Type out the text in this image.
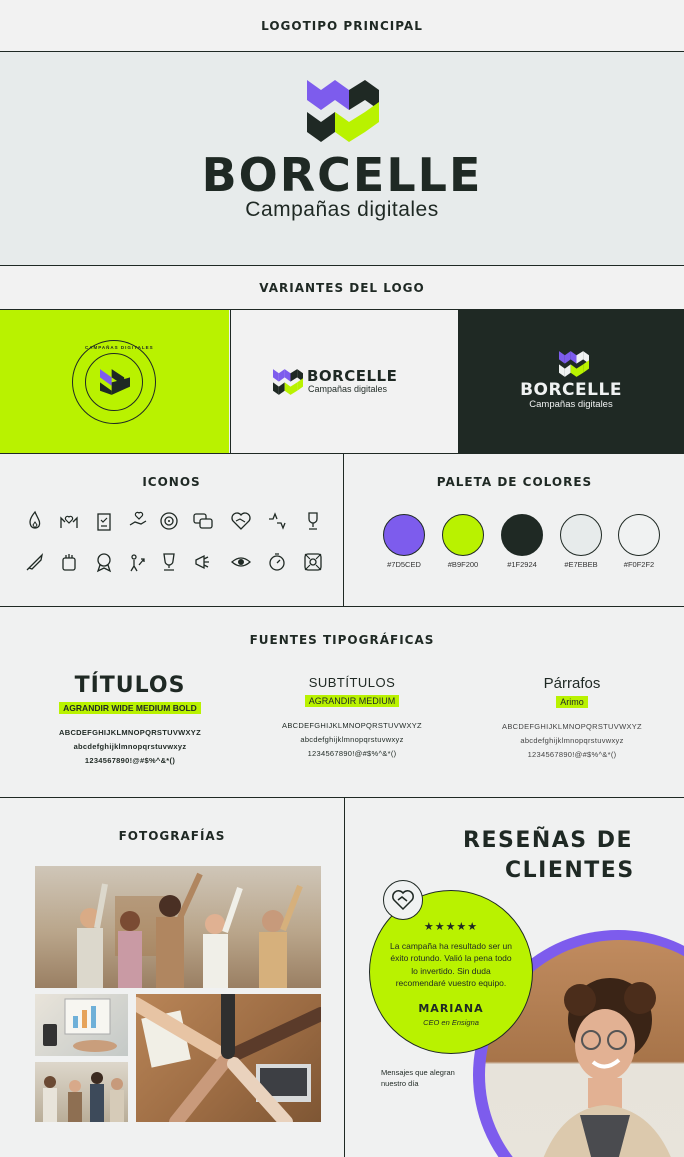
LOGOTIPO PRINCIPAL
BORCELLE
Campañas digitales
VARIANTES DEL LOGO
CAMPAÑAS DIGITALES
BORCELLE
Campañas digitales	BORCELLE
Campañas digitales
ICONOS	PALETA DE COLORES
#7D5CED	#B9F200	#1F2924	#E7EBEB	#F0F2F2
FUENTES TIPOGRÁFICAS
TÍTULOS
AGRANDIR WIDE MEDIUM BOLD
ABCDEFGHIJKLMNOPQRSTUVWXYZ
abcdefghijklmnopqrstuvwxyz
1234567890!@#$%^&*()
SUBTÍTULOS
AGRANDIR MEDIUM
ABCDEFGHIJKLMNOPQRSTUVWXYZ
abcdefghijklmnopqrstuvwxyz
1234567890!@#$%^&*()
Párrafos
Arimo
ABCDEFGHIJKLMNOPQRSTUVWXYZ
abcdefghijklmnopqrstuvwxyz
1234567890!@#$%^&*()
FOTOGRAFÍAS	RESEÑAS DE
CLIENTES
★★★★★
La campaña ha resultado ser un éxito rotundo. Valió la pena todo lo invertido. Sin duda recomendaré vuestro equipo.
MARIANA
CEO en Ensigna
Mensajes que alegran nuestro día
